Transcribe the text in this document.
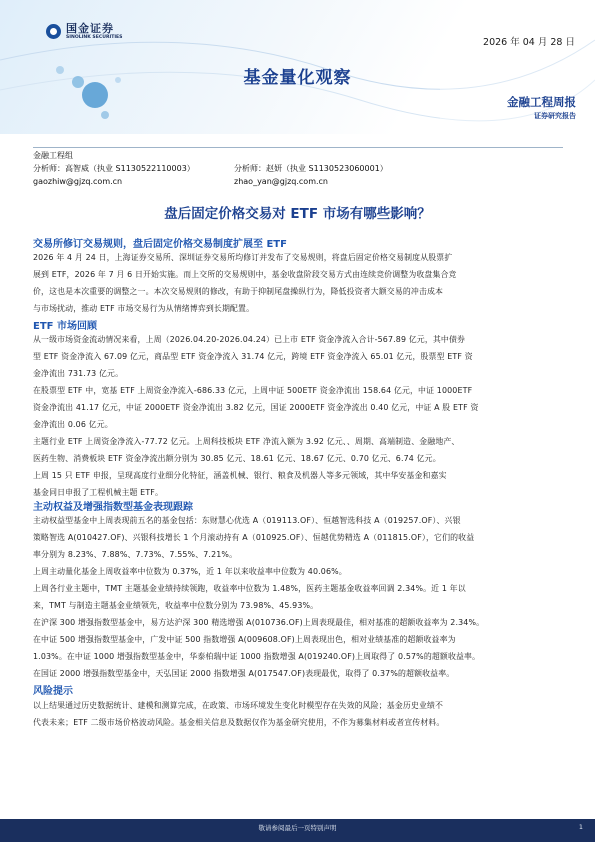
国金证券
SINOLINK SECURITIES	2026 年 04 月 28 日
基金量化观察
金融工程周报
证券研究报告
金融工程组
分析师：高智威（执业 S1130522110003）	分析师：赵妍（执业 S1130523060001）
gaozhiw@gjzq.com.cn	zhao_yan@gjzq.com.cn
盘后固定价格交易对 ETF 市场有哪些影响？
交易所修订交易规则，盘后固定价格交易制度扩展至 ETF
2026 年 4 月 24 日，上海证券交易所、深圳证券交易所均修订并发布了交易规则，将盘后固定价格交易制度从股票扩
展到 ETF，2026 年 7 月 6 日开始实施。而上交所的交易规则中，基金收盘阶段交易方式由连续竞价调整为收盘集合竞
价，这也是本次重要的调整之一。本次交易规则的修改，有助于抑制尾盘操纵行为，降低投资者大额交易的冲击成本
与市场扰动，推动 ETF 市场交易行为从情绪博弈到长期配置。
ETF 市场回顾
从一级市场资金流动情况来看，上周（2026.04.20-2026.04.24）已上市 ETF 资金净流入合计-567.89 亿元，其中债券
型 ETF 资金净流入 67.09 亿元，商品型 ETF 资金净流入 31.74 亿元，跨境 ETF 资金净流入 65.01 亿元，股票型 ETF 资
金净流出 731.73 亿元。
在股票型 ETF 中，宽基 ETF 上周资金净流入-686.33 亿元，上周中证 500ETF 资金净流出 158.64 亿元，中证 1000ETF
资金净流出 41.17 亿元，中证 2000ETF 资金净流出 3.82 亿元，国证 2000ETF 资金净流出 0.40 亿元，中证 A 股 ETF 资
金净流出 0.06 亿元。
主题行业 ETF 上周资金净流入-77.72 亿元。上周科技板块 ETF 净流入额为 3.92 亿元、、周期、高端制造、金融地产、
医药生物、消费板块 ETF 资金净流出额分别为 30.85 亿元、18.61 亿元、18.67 亿元、0.70 亿元、6.74 亿元。
上周 15 只 ETF 申报，呈现高度行业细分化特征，涵盖机械、银行、粮食及机器人等多元领域，其中华安基金和嘉实
基金同日申报了工程机械主题 ETF。
主动权益及增强指数型基金表现跟踪
主动权益型基金中上周表现前五名的基金包括：东财慧心优选 A（019113.OF）、恒越智选科技 A（019257.OF）、兴银
策略智选 A(010427.OF)、兴银科技增长 1 个月滚动持有 A（010925.OF）、恒越优势精选 A（011815.OF），它们的收益
率分别为 8.23%、7.88%、7.73%、7.55%、7.21%。
上周主动量化基金上周收益率中位数为 0.37%，近 1 年以来收益率中位数为 40.06%。
上周各行业主题中，TMT 主题基金业绩持续领跑，收益率中位数为 1.48%，医药主题基金收益率回调 2.34%。近 1 年以
来，TMT 与制造主题基金业绩领先，收益率中位数分别为 73.98%、45.93%。
在沪深 300 增强指数型基金中，易方达沪深 300 精选增强 A(010736.OF)上周表现最佳，相对基准的超额收益率为 2.34%。
在中证 500 增强指数型基金中，广发中证 500 指数增强 A(009608.OF)上周表现出色，相对业绩基准的超额收益率为
1.03%。在中证 1000 增强指数型基金中，华泰柏瑞中证 1000 指数增强 A(019240.OF)上周取得了 0.57%的超额收益率。
在国证 2000 增强指数型基金中，天弘国证 2000 指数增强 A(017547.OF)表现最优，取得了 0.37%的超额收益率。
风险提示
以上结果通过历史数据统计、建模和测算完成，在政策、市场环境发生变化时模型存在失效的风险；基金历史业绩不
代表未来；ETF 二级市场价格波动风险。基金相关信息及数据仅作为基金研究使用，不作为募集材料或者宣传材料。
敬请参阅最后一页特别声明	1
